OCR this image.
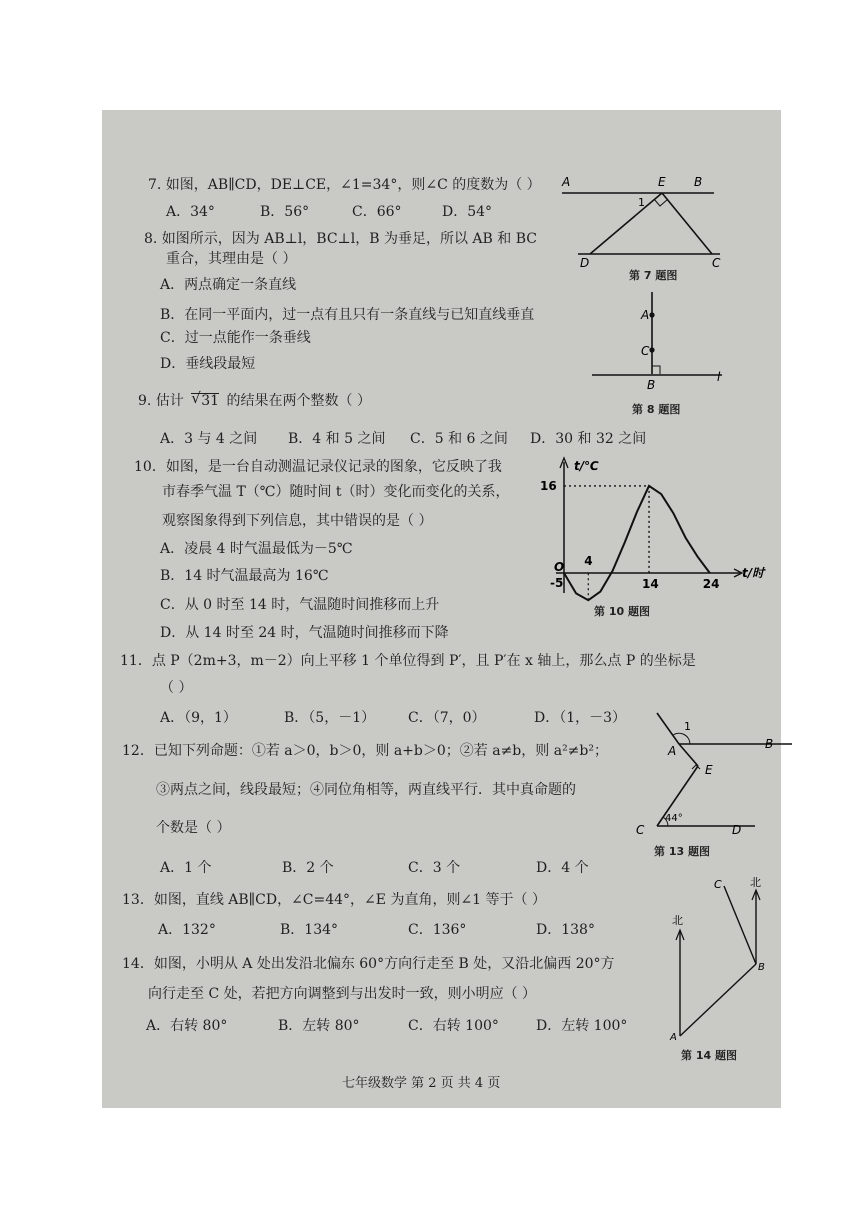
7. 如图，AB∥CD，DE⊥CE，∠1=34°，则∠C 的度数为（ ）
A．34°	B．56°	C．66°	D．54°
A	E B
1
D	C
第 7 题图
8. 如图所示，因为 AB⊥l，BC⊥l，B 为垂足，所以 AB 和 BC
重合，其理由是（ ）
A．两点确定一条直线
B．在同一平面内，过一点有且只有一条直线与已知直线垂直
C．过一点能作一条垂线
D．垂线段最短
A
C
B
l
第 8 题图
9. 估计 √ 31 的结果在两个整数（ ）
A．3 与 4 之间 B．4 和 5 之间 C．5 和 6 之间 D．30 和 32 之间
10．如图，是一台自动测温记录仪记录的图象，它反映了我
市春季气温 T（℃）随时间 t（时）变化而变化的关系，
观察图象得到下列信息，其中错误的是（ ）
A．凌晨 4 时气温最低为－5℃
B．14 时气温最高为 16℃
C．从 0 时至 14 时，气温随时间推移而上升
D．从 14 时至 24 时，气温随时间推移而下降
t/℃
t/时
16
-5
O 4
14	24
第 10 题图
11．点 P（2m+3，m－2）向上平移 1 个单位得到 P′，且 P′在 x 轴上，那么点 P 的坐标是
（ ）
A．（9，1）	B．（5，－1） C．（7，0）	D．（1，－3）
12．已知下列命题：①若 a＞0，b＞0，则 a+b＞0；②若 a≠b，则 a²≠b²；
③两点之间，线段最短；④同位角相等，两直线平行．其中真命题的
个数是（ ）
A．1 个	B．2 个	C．3 个	D．4 个
1
A	B
E
C	D
44°
第 13 题图
13．如图，直线 AB∥CD，∠C=44°，∠E 为直角，则∠1 等于（ ）
A．132°	B．134°	C．136°	D．138°
14．如图，小明从 A 处出发沿北偏东 60°方向行走至 B 处，又沿北偏西 20°方
向行走至 C 处，若把方向调整到与出发时一致，则小明应（ ）
A．右转 80°	B．左转 80°	C．右转 100°	D．左转 100°
C	北
北
B
A
第 14 题图
七年级数学 第 2 页 共 4 页
